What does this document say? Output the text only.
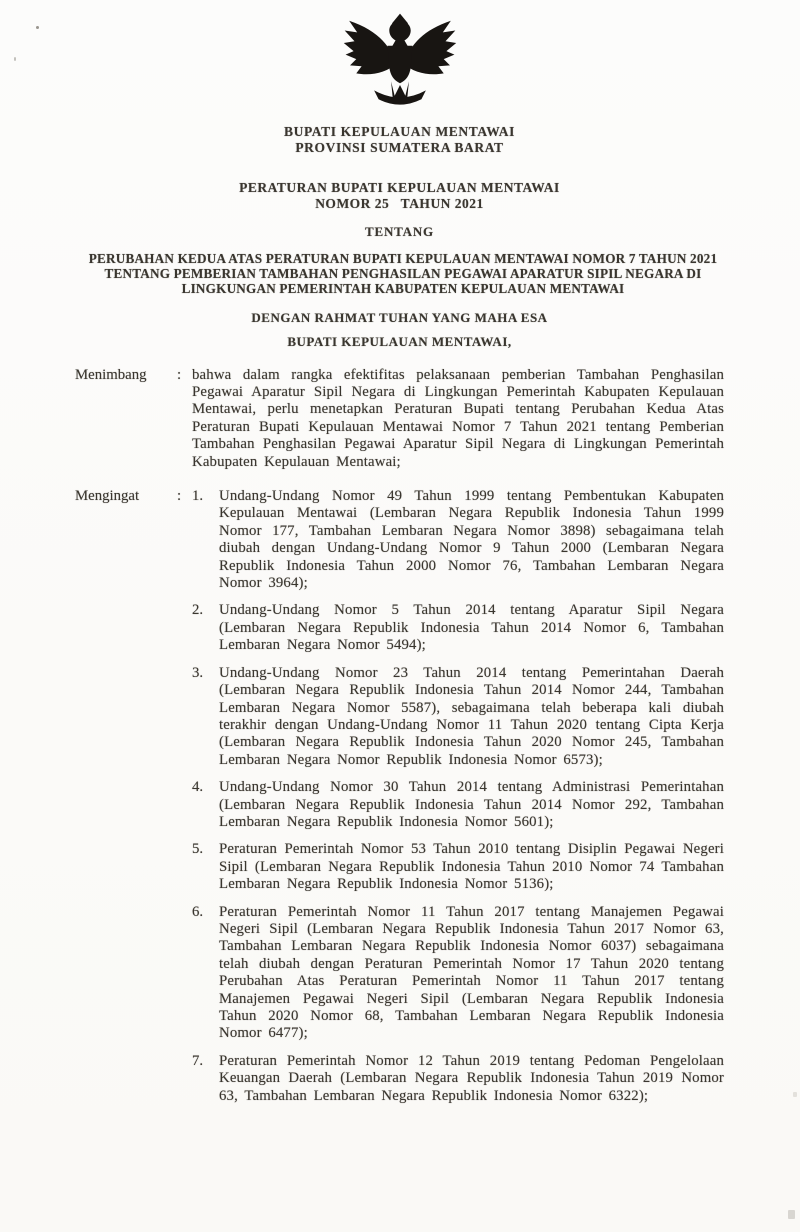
BUPATI KEPULAUAN MENTAWAI
PROVINSI SUMATERA BARAT
PERATURAN BUPATI KEPULAUAN MENTAWAI
NOMOR 25   TAHUN 2021
TENTANG
PERUBAHAN KEDUA ATAS PERATURAN BUPATI KEPULAUAN MENTAWAI NOMOR 7 TAHUN 2021 TENTANG PEMBERIAN TAMBAHAN PENGHASILAN PEGAWAI APARATUR SIPIL NEGARA DI LINGKUNGAN PEMERINTAH KABUPATEN KEPULAUAN MENTAWAI
DENGAN RAHMAT TUHAN YANG MAHA ESA
BUPATI KEPULAUAN MENTAWAI,
Menimbang	: bahwa dalam rangka efektifitas pelaksanaan pemberian Tambahan Penghasilan Pegawai Aparatur Sipil Negara di Lingkungan Pemerintah Kabupaten Kepulauan Mentawai, perlu menetapkan Peraturan Bupati tentang Perubahan Kedua Atas Peraturan Bupati Kepulauan Mentawai Nomor 7 Tahun 2021 tentang Pemberian Tambahan Penghasilan Pegawai Aparatur Sipil Negara di Lingkungan Pemerintah Kabupaten Kepulauan Mentawai;
Mengingat	: 1.	Undang-Undang Nomor 49 Tahun 1999 tentang Pembentukan Kabupaten Kepulauan Mentawai (Lembaran Negara Republik Indonesia Tahun 1999 Nomor 177, Tambahan Lembaran Negara Nomor 3898) sebagaimana telah diubah dengan Undang-Undang Nomor 9 Tahun 2000 (Lembaran Negara Republik Indonesia Tahun 2000 Nomor 76, Tambahan Lembaran Negara Nomor 3964);
2.	Undang-Undang Nomor 5 Tahun 2014 tentang Aparatur Sipil Negara (Lembaran Negara Republik Indonesia Tahun 2014 Nomor 6, Tambahan Lembaran Negara Nomor 5494);
3.	Undang-Undang Nomor 23 Tahun 2014 tentang Pemerintahan Daerah (Lembaran Negara Republik Indonesia Tahun 2014 Nomor 244, Tambahan Lembaran Negara Nomor 5587), sebagaimana telah beberapa kali diubah terakhir dengan Undang-Undang Nomor 11 Tahun 2020 tentang Cipta Kerja (Lembaran Negara Republik Indonesia Tahun 2020 Nomor 245, Tambahan Lembaran Negara Nomor Republik Indonesia Nomor 6573);
4.	Undang-Undang Nomor 30 Tahun 2014 tentang Administrasi Pemerintahan (Lembaran Negara Republik Indonesia Tahun 2014 Nomor 292, Tambahan Lembaran Negara Republik Indonesia Nomor 5601);
5.	Peraturan Pemerintah Nomor 53 Tahun 2010 tentang Disiplin Pegawai Negeri Sipil (Lembaran Negara Republik Indonesia Tahun 2010 Nomor 74 Tambahan Lembaran Negara Republik Indonesia Nomor 5136);
6.	Peraturan Pemerintah Nomor 11 Tahun 2017 tentang Manajemen Pegawai Negeri Sipil (Lembaran Negara Republik Indonesia Tahun 2017 Nomor 63, Tambahan Lembaran Negara Republik Indonesia Nomor 6037) sebagaimana telah diubah dengan Peraturan Pemerintah Nomor 17 Tahun 2020 tentang Perubahan Atas Peraturan Pemerintah Nomor 11 Tahun 2017 tentang Manajemen Pegawai Negeri Sipil (Lembaran Negara Republik Indonesia Tahun 2020 Nomor 68, Tambahan Lembaran Negara Republik Indonesia Nomor 6477);
7.	Peraturan Pemerintah Nomor 12 Tahun 2019 tentang Pedoman Pengelolaan Keuangan Daerah (Lembaran Negara Republik Indonesia Tahun 2019 Nomor 63, Tambahan Lembaran Negara Republik Indonesia Nomor 6322);
